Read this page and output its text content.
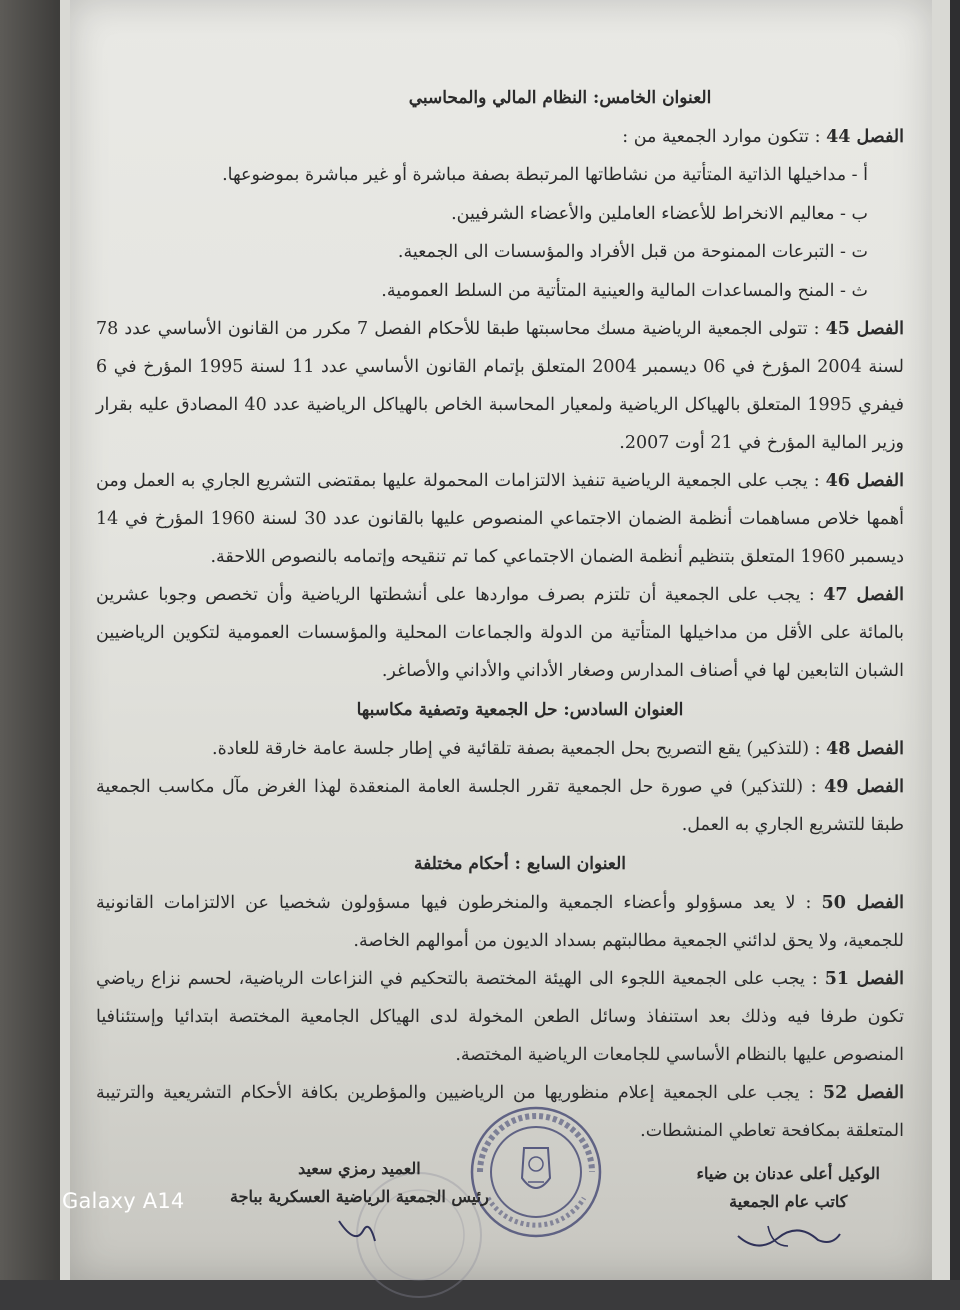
العنوان الخامس: النظام المالي والمحاسبي

الفصل 44 : تتكون موارد الجمعية من :

أ - مداخيلها الذاتية المتأتية من نشاطاتها المرتبطة بصفة مباشرة أو غير مباشرة بموضوعها.

ب - معاليم الانخراط للأعضاء العاملين والأعضاء الشرفيين.

ت - التبرعات الممنوحة من قبل الأفراد والمؤسسات الى الجمعية.

ث - المنح والمساعدات المالية والعينية المتأتية من السلط العمومية.

الفصل 45 : تتولى الجمعية الرياضية مسك محاسبتها طبقا للأحكام الفصل 7 مكرر من القانون الأساسي عدد 78 لسنة 2004 المؤرخ في 06 ديسمبر 2004 المتعلق بإتمام القانون الأساسي عدد 11 لسنة 1995 المؤرخ في 6 فيفري 1995 المتعلق بالهياكل الرياضية ولمعيار المحاسبة الخاص بالهياكل الرياضية عدد 40 المصادق عليه بقرار وزير المالية المؤرخ في 21 أوت 2007.

الفصل 46 : يجب على الجمعية الرياضية تنفيذ الالتزامات المحمولة عليها بمقتضى التشريع الجاري به العمل ومن أهمها خلاص مساهمات أنظمة الضمان الاجتماعي المنصوص عليها بالقانون عدد 30 لسنة 1960 المؤرخ في 14 ديسمبر 1960 المتعلق بتنظيم أنظمة الضمان الاجتماعي كما تم تنقيحه وإتمامه بالنصوص اللاحقة.

الفصل 47 : يجب على الجمعية أن تلتزم بصرف مواردها على أنشطتها الرياضية وأن تخصص وجوبا عشرين بالمائة على الأقل من مداخيلها المتأتية من الدولة والجماعات المحلية والمؤسسات العمومية لتكوين الرياضيين الشبان التابعين لها في أصناف المدارس وصغار الأداني والأداني والأصاغر.

العنوان السادس: حل الجمعية وتصفية مكاسبها

الفصل 48 : (للتذكير) يقع التصريح بحل الجمعية بصفة تلقائية في إطار جلسة عامة خارقة للعادة.

الفصل 49 : (للتذكير) في صورة حل الجمعية تقرر الجلسة العامة المنعقدة لهذا الغرض مآل مكاسب الجمعية طبقا للتشريع الجاري به العمل.

العنوان السابع : أحكام مختلفة

الفصل 50 : لا يعد مسؤولو وأعضاء الجمعية والمنخرطون فيها مسؤولون شخصيا عن الالتزامات القانونية للجمعية، ولا يحق لدائني الجمعية مطالبتهم بسداد الديون من أموالهم الخاصة.

الفصل 51 : يجب على الجمعية اللجوء الى الهيئة المختصة بالتحكيم في النزاعات الرياضية، لحسم نزاع رياضي تكون طرفا فيه وذلك بعد استنفاذ وسائل الطعن المخولة لدى الهياكل الجامعية المختصة ابتدائيا وإستئنافيا المنصوص عليها بالنظام الأساسي للجامعات الرياضية المختصة.

الفصل 52 : يجب على الجمعية إعلام منظوريها من الرياضيين والمؤطرين بكافة الأحكام التشريعية والترتيبة المتعلقة بمكافحة تعاطي المنشطات.

الوكيل أعلى عدنان بن ضياء
كاتب عام الجمعية
العميد رمزي سعيد
رئيس الجمعية الرياضية العسكرية بباجة
Galaxy A14
